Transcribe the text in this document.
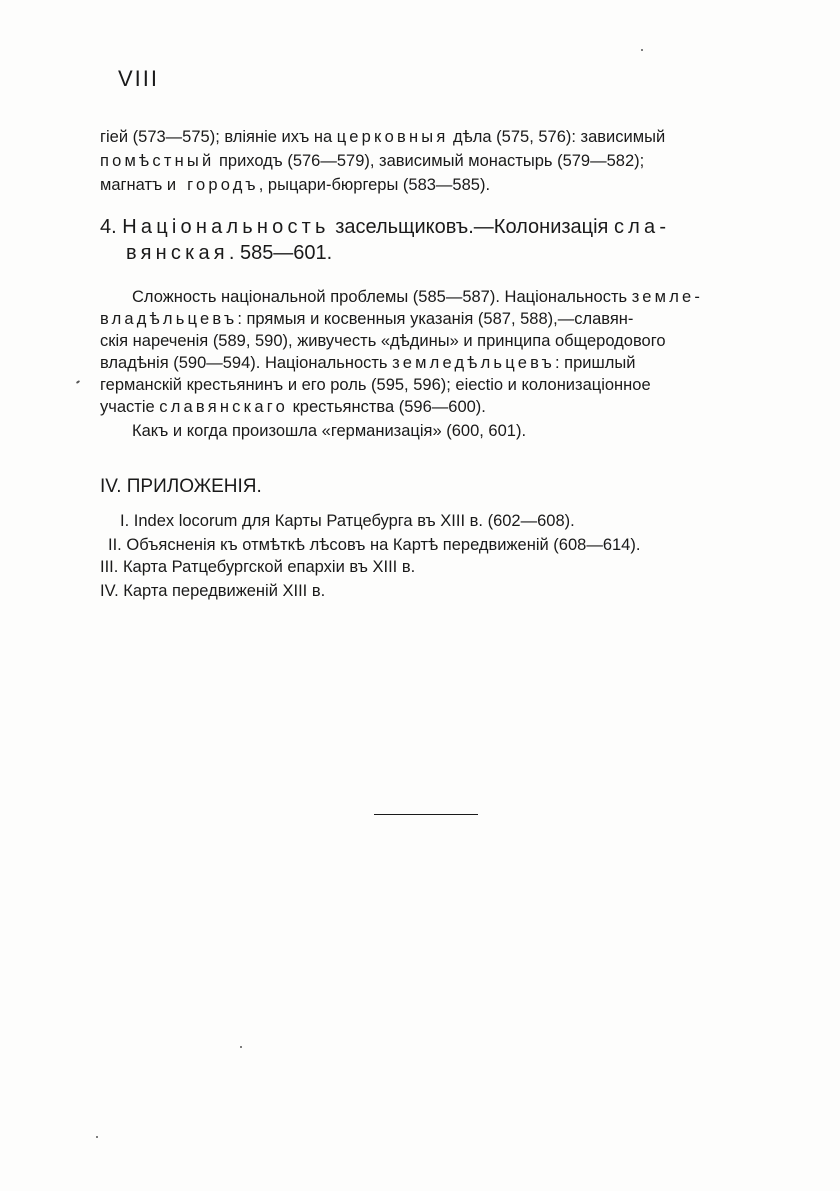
VIII
гiей (573—575); вліяніе ихъ на церковныя дѣла (575, 576): зависимый
помѣстный приходъ (576—579), зависимый монастырь (579—582);
магнатъ и городъ, рыцари-бюргеры (583—585).
4. Національность засельщиковъ.—Колонизація сла-
вянская. 585—601.
Сложность національной проблемы (585—587). Національность земле-
владѣльцевъ: прямыя и косвенныя указанія (587, 588),—славян-
скія нареченія (589, 590), живучесть «дѣдины» и принципа общеродового
владѣнія (590—594). Національность земледѣльцевъ: пришлый
германскій крестьянинъ и его роль (595, 596); eiectio и колонизаціонное
участіе славянскаго крестьянства (596—600).
Какъ и когда произошла «германизація» (600, 601).
IV. ПРИЛОЖЕНІЯ.
I. Index locorum для Карты Ратцебурга въ XIII в. (602—608).
II. Объясненія къ отмѣткѣ лѣсовъ на Картѣ передвиженій (608—614).
III. Карта Ратцебургской епархіи въ XIII в.
IV. Карта передвиженій XIII в.
